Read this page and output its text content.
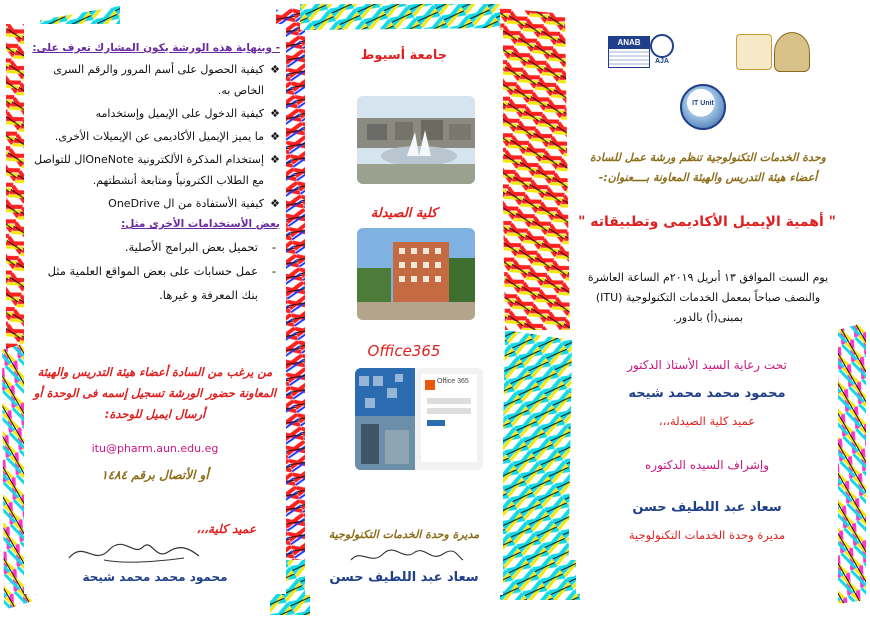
- وبنهاية هذه الورشة يكون المشارك تعرف على:
❖
كيفية الحصول على أسم المرور والرقم السرى الخاص به.
❖
كيفية الدخول على الإيميل وإستخدامه
❖
ما يميز الإيميل الأكاديمى عن الإيميلات الأخرى.
❖
إستخدام المذكرة الألكترونية OneNoteال للتواصل مع الطلاب الكترونياً ومتابعة أنشطتهم.
❖
كيفية الأستفادة من ال OneDrive
بعض الأستخدامات الأخرى مثل:
-
تحميل بعض البرامج الأصلية.
-
عمل حسابات على بعض المواقع العلمية مثل بنك المعرفة و غيرها.
من يرغب من السادة أعضاء هيئة التدريس والهيئة المعاونة حضور الورشة تسجيل إسمه فى الوحدة أو أرسال ايميل للوحدة:
itu@pharm.aun.edu.eg
أو الأتصال برقم ١٤٨٤
عميد كلية،،،
محمود محمد محمد شيحة
جامعة أسيوط
كلية الصيدلة
Office365
Office 365
مديرة وحدة الخدمات التكنولوجية
سعاد عبد اللطيف حسن
ANAB
AJA
IT Unit
وحدة الخدمات التكنولوجية تنظم ورشة عمل للسادة أعضاء هيئة التدريس والهيئة المعاونة بــــعنوان:-
" أهمية الإيميل الأكاديمى وتطبيقاته "
يوم السبت الموافق ١٣ أبريل ٢٠١٩م الساعة العاشرة والنصف صباحاً بمعمل الخدمات التكنولوجية (ITU) بمبنى(أ) بالدور.
تحت رعاية السيد الأستاذ الدكتور
محمود محمد محمد شيحه
عميد كلية الصيدلة،،،
وإشراف السيده الدكتوره
سعاد عبد اللطيف حسن
مديرة وحدة الخدمات التكنولوجية
